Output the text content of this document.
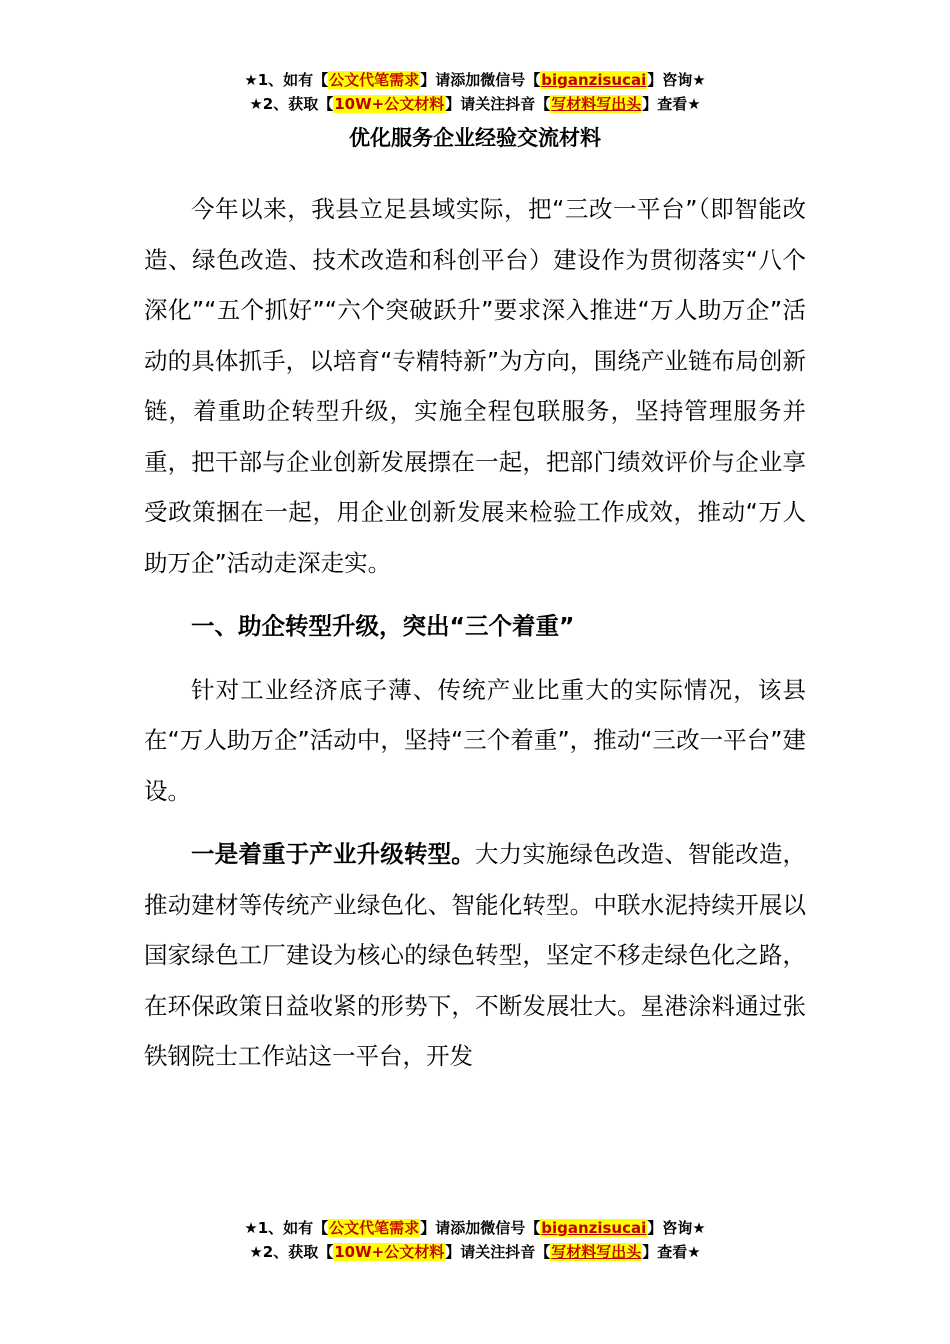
★1、如有【公文代笔需求】请添加微信号【biganzisucai】咨询★
★2、获取【10W+公文材料】请关注抖音【写材料写出头】查看★
优化服务企业经验交流材料

今年以来，我县立足县域实际，把“三改一平台”（即智能改造、绿色改造、技术改造和科创平台）建设作为贯彻落实“八个深化”“五个抓好”“六个突破跃升”要求深入推进“万人助万企”活动的具体抓手，以培育“专精特新”为方向，围绕产业链布局创新链，着重助企转型升级，实施全程包联服务，坚持管理服务并重，把干部与企业创新发展摽在一起，把部门绩效评价与企业享受政策捆在一起，用企业创新发展来检验工作成效，推动“万人助万企”活动走深走实。

一、助企转型升级，突出“三个着重”

针对工业经济底子薄、传统产业比重大的实际情况，该县在“万人助万企”活动中，坚持“三个着重”，推动“三改一平台”建设。

一是着重于产业升级转型。大力实施绿色改造、智能改造，推动建材等传统产业绿色化、智能化转型。中联水泥持续开展以国家绿色工厂建设为核心的绿色转型，坚定不移走绿色化之路，在环保政策日益收紧的形势下，不断发展壮大。星港涂料通过张铁钢院士工作站这一平台，开发

★1、如有【公文代笔需求】请添加微信号【biganzisucai】咨询★
★2、获取【10W+公文材料】请关注抖音【写材料写出头】查看★
